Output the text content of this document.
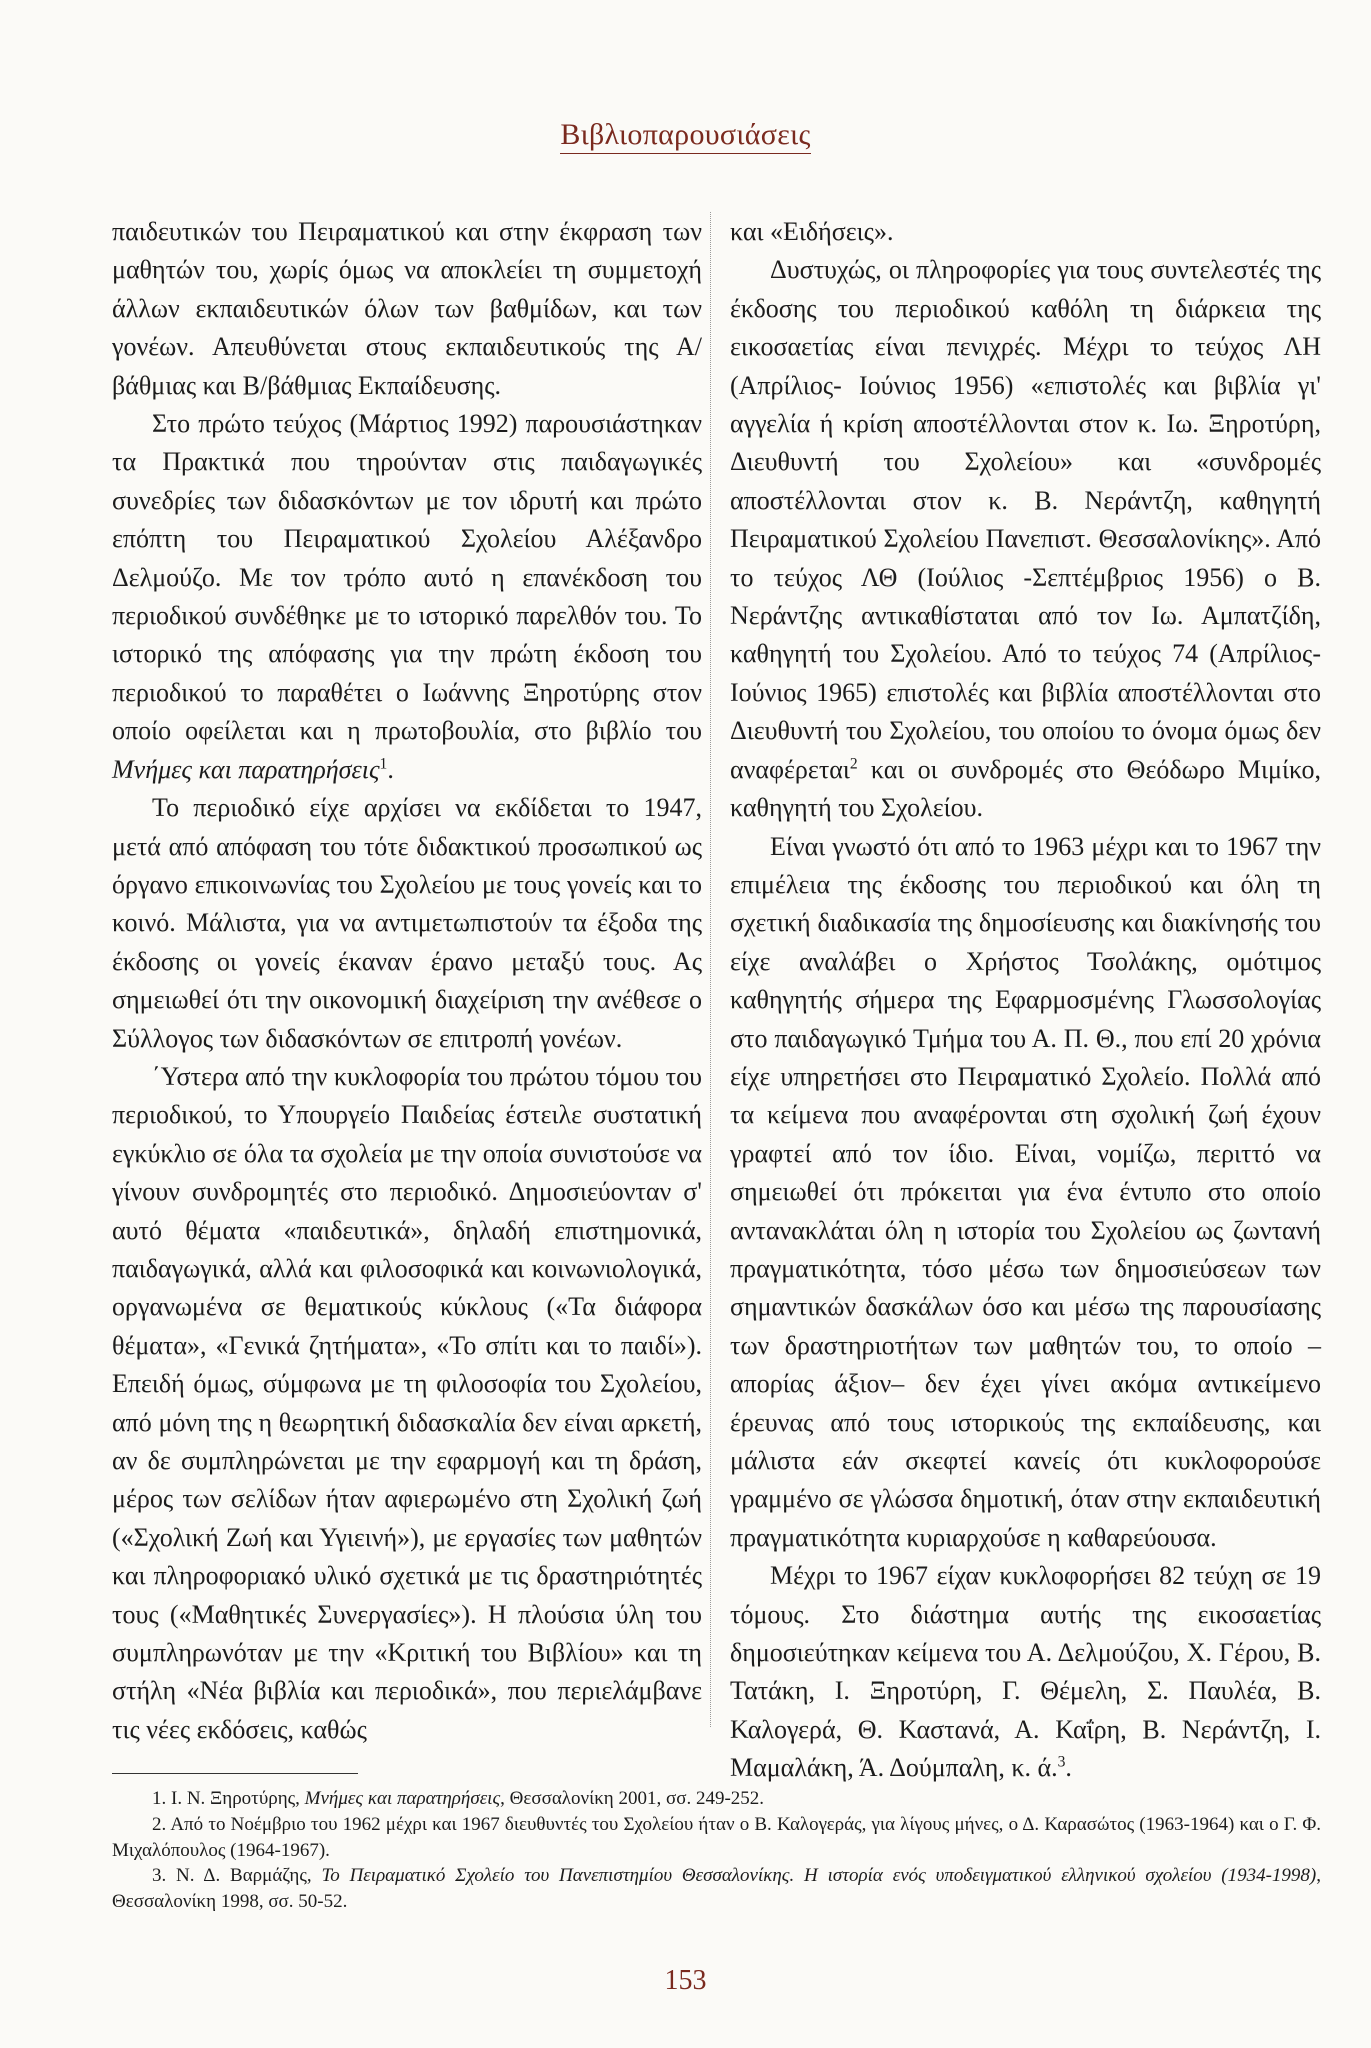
Βιβλιοπαρουσιάσεις

παιδευτικών του Πειραματικού και στην έκφραση των μαθητών του, χωρίς όμως να αποκλείει τη συμμετοχή άλλων εκπαιδευτικών όλων των βαθμίδων, και των γονέων. Απευθύνεται στους εκπαιδευτικούς της Α/βάθμιας και Β/βάθμιας Εκπαίδευσης.

Στο πρώτο τεύχος (Μάρτιος 1992) παρουσιάστηκαν τα Πρακτικά που τηρούνταν στις παιδαγωγικές συνεδρίες των διδασκόντων με τον ιδρυτή και πρώτο επόπτη του Πειραματικού Σχολείου Αλέξανδρο Δελμούζο. Με τον τρόπο αυτό η επανέκδοση του περιοδικού συνδέθηκε με το ιστορικό παρελθόν του. Το ιστορικό της απόφασης για την πρώτη έκδοση του περιοδικού το παραθέτει ο Ιωάννης Ξηροτύρης στον οποίο οφείλεται και η πρωτοβουλία, στο βιβλίο του Μνήμες και παρατηρήσεις$^1$.

Το περιοδικό είχε αρχίσει να εκδίδεται το 1947, μετά από απόφαση του τότε διδακτικού προσωπικού ως όργανο επικοινωνίας του Σχολείου με τους γονείς και το κοινό. Μάλιστα, για να αντιμετωπιστούν τα έξοδα της έκδοσης οι γονείς έκαναν έρανο μεταξύ τους. Ας σημειωθεί ότι την οικονομική διαχείριση την ανέθεσε ο Σύλλογος των διδασκόντων σε επιτροπή γονέων.

΄Υστερα από την κυκλοφορία του πρώτου τόμου του περιοδικού, το Υπουργείο Παιδείας έστειλε συστατική εγκύκλιο σε όλα τα σχολεία με την οποία συνιστούσε να γίνουν συνδρομητές στο περιοδικό. Δημοσιεύονταν σ' αυτό θέματα «παιδευτικά», δηλαδή επιστημονικά, παιδαγωγικά, αλλά και φιλοσοφικά και κοινωνιολογικά, οργανωμένα σε θεματικούς κύκλους («Τα διάφορα θέματα», «Γενικά ζητήματα», «Το σπίτι και το παιδί»). Επειδή όμως, σύμφωνα με τη φιλοσοφία του Σχολείου, από μόνη της η θεωρητική διδασκαλία δεν είναι αρκετή, αν δε συμπληρώνεται με την εφαρμογή και τη δράση, μέρος των σελίδων ήταν αφιερωμένο στη Σχολική ζωή («Σχολική Ζωή και Υγιεινή»), με εργασίες των μαθητών και πληροφοριακό υλικό σχετικά με τις δραστηριότητές τους («Μαθητικές Συνεργασίες»). Η πλούσια ύλη του συμπληρωνόταν με την «Κριτική του Βιβλίου» και τη στήλη «Νέα βιβλία και περιοδικά», που περιελάμβανε τις νέες εκδόσεις, καθώς

και «Ειδήσεις».

Δυστυχώς, οι πληροφορίες για τους συντελεστές της έκδοσης του περιοδικού καθόλη τη διάρκεια της εικοσαετίας είναι πενιχρές. Μέχρι το τεύχος ΛΗ (Απρίλιος- Ιούνιος 1956) «επιστολές και βιβλία γι' αγγελία ή κρίση αποστέλλονται στον κ. Ιω. Ξηροτύρη, Διευθυντή του Σχολείου» και «συνδρομές αποστέλλονται στον κ. Β. Νεράντζη, καθηγητή Πειραματικού Σχολείου Πανεπιστ. Θεσσαλονίκης». Από το τεύχος ΛΘ (Ιούλιος -Σεπτέμβριος 1956) ο Β. Νεράντζης αντικαθίσταται από τον Ιω. Αμπατζίδη, καθηγητή του Σχολείου. Από το τεύχος 74 (Απρίλιος- Ιούνιος 1965) επιστολές και βιβλία αποστέλλονται στο Διευθυντή του Σχολείου, του οποίου το όνομα όμως δεν αναφέρεται$^2$ και οι συνδρομές στο Θεόδωρο Μιμίκο, καθηγητή του Σχολείου.

Είναι γνωστό ότι από το 1963 μέχρι και το 1967 την επιμέλεια της έκδοσης του περιοδικού και όλη τη σχετική διαδικασία της δημοσίευσης και διακίνησής του είχε αναλάβει ο Χρήστος Τσολάκης, ομότιμος καθηγητής σήμερα της Εφαρμοσμένης Γλωσσολογίας στο παιδαγωγικό Τμήμα του Α. Π. Θ., που επί 20 χρόνια είχε υπηρετήσει στο Πειραματικό Σχολείο. Πολλά από τα κείμενα που αναφέρονται στη σχολική ζωή έχουν γραφτεί από τον ίδιο. Είναι, νομίζω, περιττό να σημειωθεί ότι πρόκειται για ένα έντυπο στο οποίο αντανακλάται όλη η ιστορία του Σχολείου ως ζωντανή πραγματικότητα, τόσο μέσω των δημοσιεύσεων των σημαντικών δασκάλων όσο και μέσω της παρουσίασης των δραστηριοτήτων των μαθητών του, το οποίο –απορίας άξιον– δεν έχει γίνει ακόμα αντικείμενο έρευνας από τους ιστορικούς της εκπαίδευσης, και μάλιστα εάν σκεφτεί κανείς ότι κυκλοφορούσε γραμμένο σε γλώσσα δημοτική, όταν στην εκπαιδευτική πραγματικότητα κυριαρχούσε η καθαρεύουσα.

Μέχρι το 1967 είχαν κυκλοφορήσει 82 τεύχη σε 19 τόμους. Στο διάστημα αυτής της εικοσαετίας δημοσιεύτηκαν κείμενα του Α. Δελμούζου, Χ. Γέρου, Β. Τατάκη, Ι. Ξηροτύρη, Γ. Θέμελη, Σ. Παυλέα, Β. Καλογερά, Θ. Καστανά, Α. Καΐρη, Β. Νεράντζη, Ι. Μαμαλάκη, Ά. Δούμπαλη, κ. ά.$^3$.

1. Ι. Ν. Ξηροτύρης, Μνήμες και παρατηρήσεις, Θεσσαλονίκη 2001, σσ. 249-252.

2. Από το Νοέμβριο του 1962 μέχρι και 1967 διευθυντές του Σχολείου ήταν ο Β. Καλογεράς, για λίγους μήνες, ο Δ. Καρασώτος (1963-1964) και ο Γ. Φ. Μιχαλόπουλος (1964-1967).

3. Ν. Δ. Βαρμάζης, Το Πειραματικό Σχολείο του Πανεπιστημίου Θεσσαλονίκης. Η ιστορία ενός υποδειγματικού ελληνικού σχολείου (1934-1998), Θεσσαλονίκη 1998, σσ. 50-52.

153
